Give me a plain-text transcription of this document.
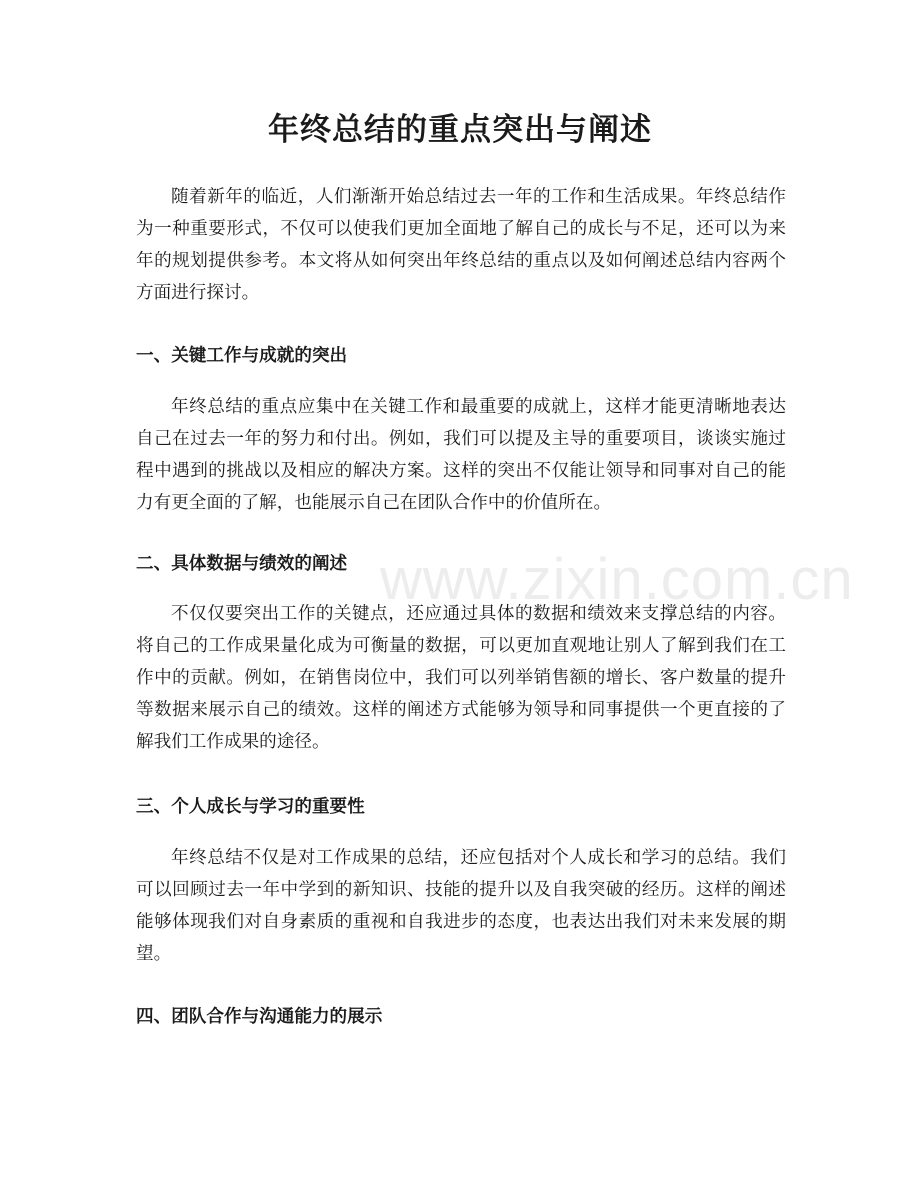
年终总结的重点突出与阐述

随着新年的临近，人们渐渐开始总结过去一年的工作和生活成果。年终总结作为一种重要形式，不仅可以使我们更加全面地了解自己的成长与不足，还可以为来年的规划提供参考。本文将从如何突出年终总结的重点以及如何阐述总结内容两个方面进行探讨。

一、关键工作与成就的突出

年终总结的重点应集中在关键工作和最重要的成就上，这样才能更清晰地表达自己在过去一年的努力和付出。例如，我们可以提及主导的重要项目，谈谈实施过程中遇到的挑战以及相应的解决方案。这样的突出不仅能让领导和同事对自己的能力有更全面的了解，也能展示自己在团队合作中的价值所在。

二、具体数据与绩效的阐述

不仅仅要突出工作的关键点，还应通过具体的数据和绩效来支撑总结的内容。将自己的工作成果量化成为可衡量的数据，可以更加直观地让别人了解到我们在工作中的贡献。例如，在销售岗位中，我们可以列举销售额的增长、客户数量的提升等数据来展示自己的绩效。这样的阐述方式能够为领导和同事提供一个更直接的了解我们工作成果的途径。

三、个人成长与学习的重要性

年终总结不仅是对工作成果的总结，还应包括对个人成长和学习的总结。我们可以回顾过去一年中学到的新知识、技能的提升以及自我突破的经历。这样的阐述能够体现我们对自身素质的重视和自我进步的态度，也表达出我们对未来发展的期望。

四、团队合作与沟通能力的展示
www.zixin.com.cn
